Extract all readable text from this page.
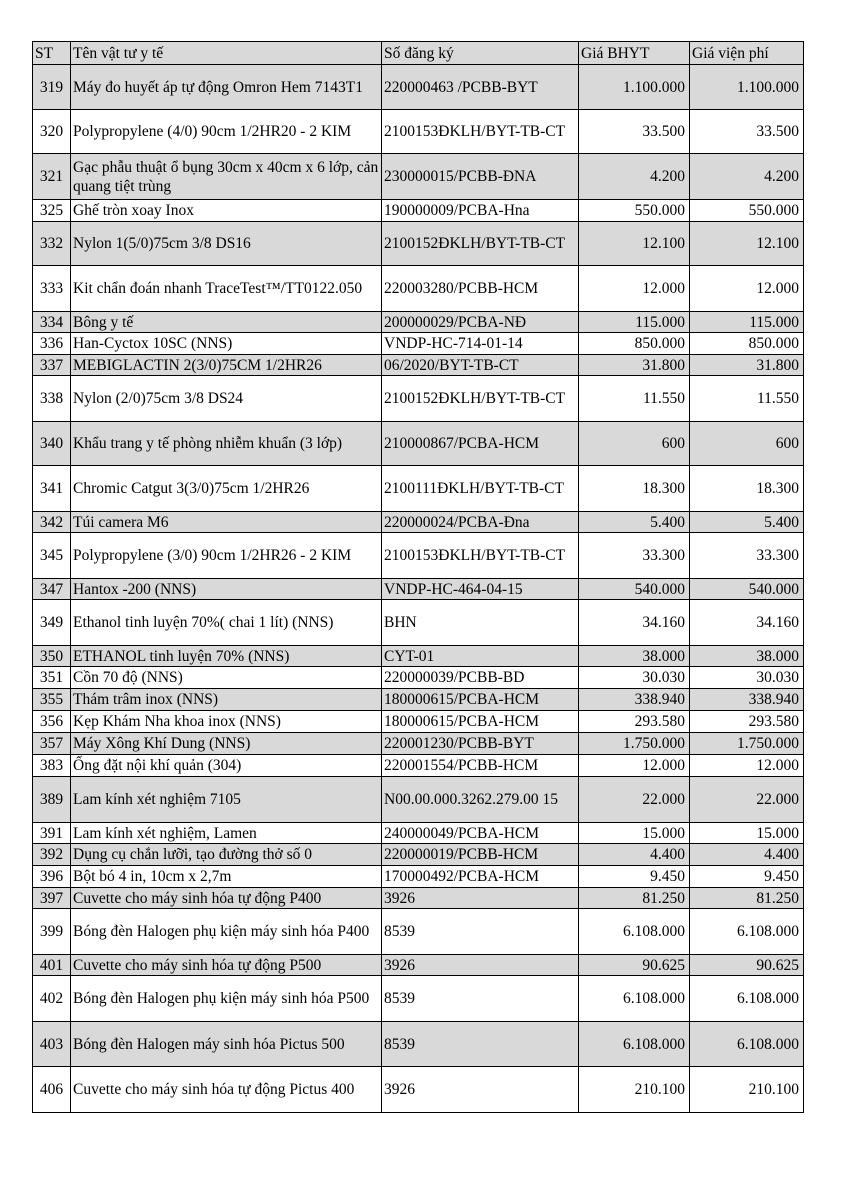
ST	Tên vật tư y tế	Số đăng ký	Giá BHYT	Giá viện phí
319	Máy đo huyết áp tự động Omron Hem 7143T1	220000463 /PCBB-BYT	1.100.000	1.100.000
320	Polypropylene (4/0) 90cm 1/2HR20 - 2 KIM	2100153ĐKLH/BYT-TB-CT	33.500	33.500
321	Gạc phẫu thuật ổ bụng 30cm x 40cm x 6 lớp, cản quang tiệt trùng	230000015/PCBB-ĐNA	4.200	4.200
325	Ghế tròn xoay Inox	190000009/PCBA-Hna	550.000	550.000
332	Nylon 1(5/0)75cm 3/8 DS16	2100152ĐKLH/BYT-TB-CT	12.100	12.100
333	Kit chẩn đoán nhanh TraceTest™/TT0122.050	220003280/PCBB-HCM	12.000	12.000
334	Bông y tế	200000029/PCBA-NĐ	115.000	115.000
336	Han-Cyctox 10SC (NNS)	VNDP-HC-714-01-14	850.000	850.000
337	MEBIGLACTIN 2(3/0)75CM 1/2HR26	06/2020/BYT-TB-CT	31.800	31.800
338	Nylon (2/0)75cm 3/8 DS24	2100152ĐKLH/BYT-TB-CT	11.550	11.550
340	Khẩu trang y tế phòng nhiễm khuẩn (3 lớp)	210000867/PCBA-HCM	600	600
341	Chromic Catgut 3(3/0)75cm 1/2HR26	2100111ĐKLH/BYT-TB-CT	18.300	18.300
342	Túi camera M6	220000024/PCBA-Đna	5.400	5.400
345	Polypropylene (3/0) 90cm 1/2HR26 - 2 KIM	2100153ĐKLH/BYT-TB-CT	33.300	33.300
347	Hantox -200 (NNS)	VNDP-HC-464-04-15	540.000	540.000
349	Ethanol tinh luyện 70%( chai 1 lít) (NNS)	BHN	34.160	34.160
350	ETHANOL tinh luyện 70% (NNS)	CYT-01	38.000	38.000
351	Cồn 70 độ (NNS)	220000039/PCBB-BD	30.030	30.030
355	Thám trâm inox (NNS)	180000615/PCBA-HCM	338.940	338.940
356	Kẹp Khám Nha khoa inox (NNS)	180000615/PCBA-HCM	293.580	293.580
357	Máy Xông Khí Dung (NNS)	220001230/PCBB-BYT	1.750.000	1.750.000
383	Ống đặt nội khí quản (304)	220001554/PCBB-HCM	12.000	12.000
389	Lam kính xét nghiệm 7105	N00.00.000.3262.279.00 15	22.000	22.000
391	Lam kính xét nghiệm, Lamen	240000049/PCBA-HCM	15.000	15.000
392	Dụng cụ chắn lưỡi, tạo đường thở số 0	220000019/PCBB-HCM	4.400	4.400
396	Bột bó 4 in, 10cm x 2,7m	170000492/PCBA-HCM	9.450	9.450
397	Cuvette cho máy sinh hóa tự động P400	3926	81.250	81.250
399	Bóng đèn Halogen phụ kiện máy sinh hóa P400	8539	6.108.000	6.108.000
401	Cuvette cho máy sinh hóa tự động P500	3926	90.625	90.625
402	Bóng đèn Halogen phụ kiện máy sinh hóa P500	8539	6.108.000	6.108.000
403	Bóng đèn Halogen máy sinh hóa Pictus 500	8539	6.108.000	6.108.000
406	Cuvette cho máy sinh hóa tự động Pictus 400	3926	210.100	210.100
